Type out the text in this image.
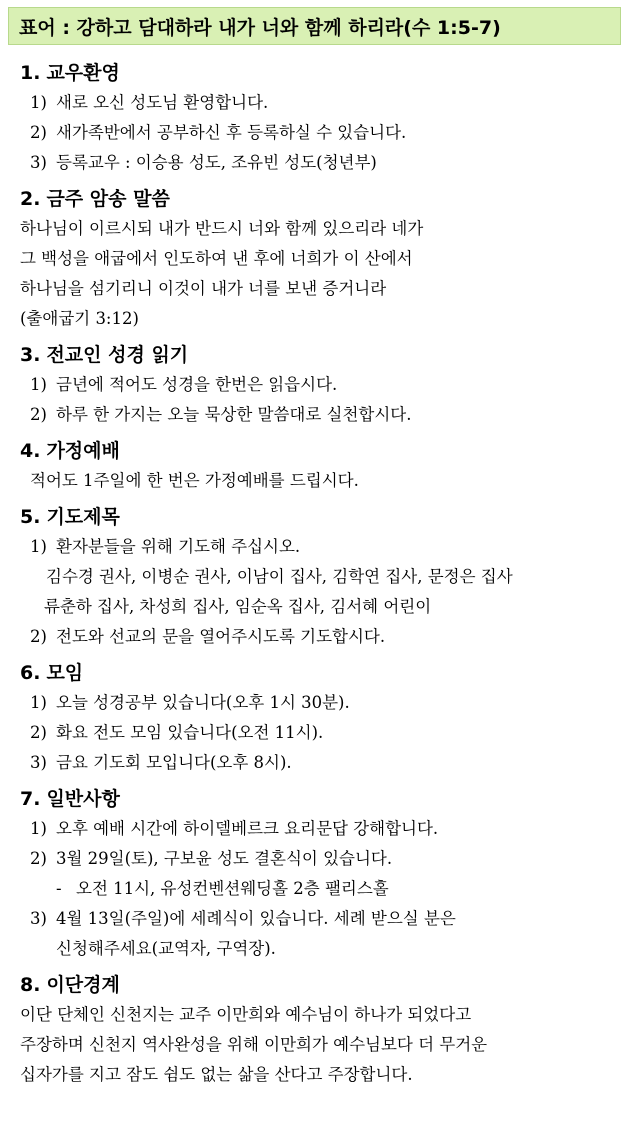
표어 : 강하고 담대하라 내가 너와 함께 하리라(수 1:5-7)
1. 교우환영
1) 새로 오신 성도님 환영합니다.
2) 새가족반에서 공부하신 후 등록하실 수 있습니다.
3) 등록교우 : 이승용 성도, 조유빈 성도(청년부)
2. 금주 암송 말씀
하나님이 이르시되 내가 반드시 너와 함께 있으리라 네가
그 백성을 애굽에서 인도하여 낸 후에 너희가 이 산에서
하나님을 섬기리니 이것이 내가 너를 보낸 증거니라
(출애굽기 3:12)
3. 전교인 성경 읽기
1) 금년에 적어도 성경을 한번은 읽읍시다.
2) 하루 한 가지는 오늘 묵상한 말씀대로 실천합시다.
4. 가정예배
적어도 1주일에 한 번은 가정예배를 드립시다.
5. 기도제목
1) 환자분들을 위해 기도해 주십시오.
김수경 권사, 이병순 권사, 이남이 집사, 김학연 집사, 문정은 집사
류춘하 집사, 차성희 집사, 임순옥 집사, 김서혜 어린이
2) 전도와 선교의 문을 열어주시도록 기도합시다.
6. 모임
1) 오늘 성경공부 있습니다(오후 1시 30분).
2) 화요 전도 모임 있습니다(오전 11시).
3) 금요 기도회 모입니다(오후 8시).
7. 일반사항
1) 오후 예배 시간에 하이델베르크 요리문답 강해합니다.
2) 3월 29일(토), 구보윤 성도 결혼식이 있습니다.
- 오전 11시, 유성컨벤션웨딩홀 2층 팰리스홀
3) 4월 13일(주일)에 세례식이 있습니다. 세례 받으실 분은
신청해주세요(교역자, 구역장).
8. 이단경계
이단 단체인 신천지는 교주 이만희와 예수님이 하나가 되었다고
주장하며 신천지 역사완성을 위해 이만희가 예수님보다 더 무거운
십자가를 지고 잠도 쉼도 없는 삶을 산다고 주장합니다.
